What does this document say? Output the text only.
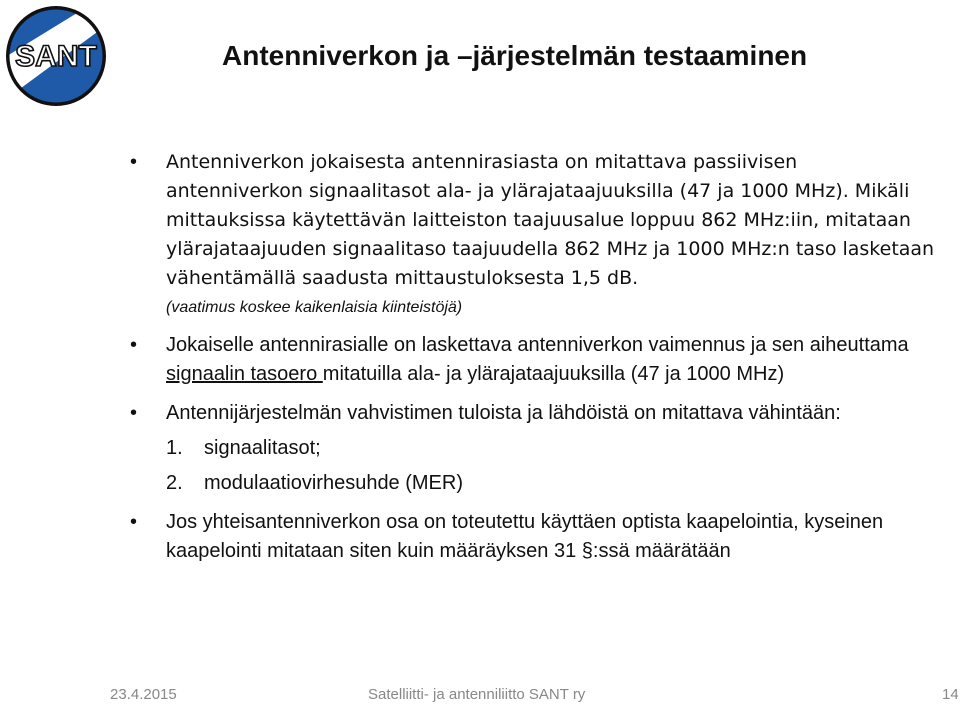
SANT	Antenniverkon ja –järjestelmän testaaminen
• Antenniverkon jokaisesta antennirasiasta on mitattava passiivisen antenniverkon signaalitasot ala- ja ylärajataajuuksilla (47 ja 1000 MHz). Mikäli mittauksissa käytettävän laitteiston taajuusalue loppuu 862 MHz:iin, mitataan ylärajataajuuden signaalitaso taajuudella 862 MHz ja 1000 MHz:n taso lasketaan vähentämällä saadusta mittaustuloksesta 1,5 dB.
(vaatimus koskee kaikenlaisia kiinteistöjä)
• Jokaiselle antennirasialle on laskettava antenniverkon vaimennus ja sen aiheuttama signaalin tasoero mitatuilla ala- ja ylärajataajuuksilla (47 ja 1000 MHz)
• Antennijärjestelmän vahvistimen tuloista ja lähdöistä on mitattava vähintään:
1. signaalitasot;
2. modulaatiovirhesuhde (MER)
• Jos yhteisantenniverkon osa on toteutettu käyttäen optista kaapelointia, kyseinen kaapelointi mitataan siten kuin määräyksen 31 §:ssä määrätään
23.4.2015	Satelliitti- ja antenniliitto SANT ry	14
